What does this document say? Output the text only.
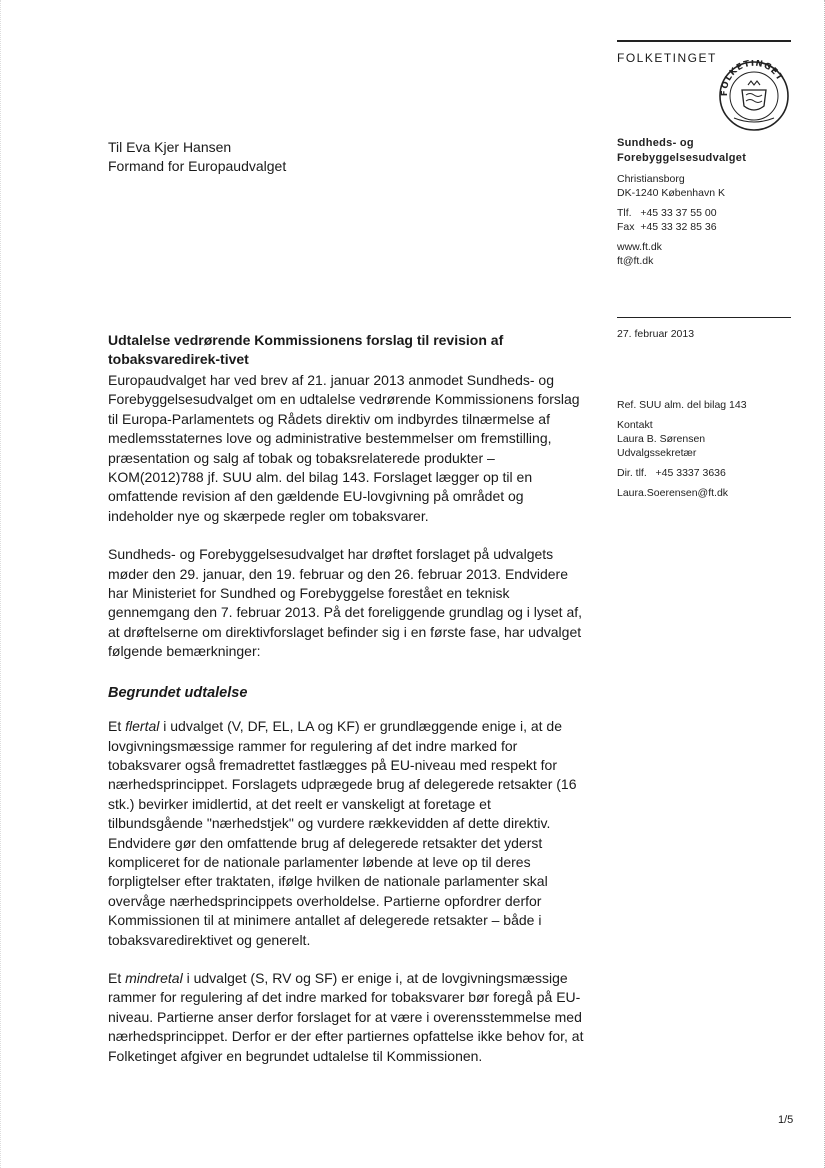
FOLKETINGET
FOLKETINGET
Til Eva Kjer Hansen
Formand for Europaudvalget
Sundheds- og
Forebyggelsesudvalget
Christiansborg
DK-1240 København K
Tlf.   +45 33 37 55 00
Fax  +45 33 32 85 36
www.ft.dk
ft@ft.dk
27. februar 2013
Ref. SUU alm. del bilag 143
Kontakt
Laura B. Sørensen
Udvalgssekretær
Dir. tlf.   +45 3337 3636
Laura.Soerensen@ft.dk

Udtalelse vedrørende Kommissionens forslag til revision af tobaksvaredirek-tivet

Europaudvalget har ved brev af 21. januar 2013 anmodet Sundheds- og Forebyggelsesudvalget om en udtalelse vedrørende Kommissionens forslag til Europa-Parlamentets og Rådets direktiv om indbyrdes tilnærmelse af medlemsstaternes love og administrative bestemmelser om fremstilling, præsentation og salg af tobak og tobaksrelaterede produkter – KOM(2012)788 jf. SUU alm. del bilag 143. Forslaget lægger op til en omfattende revision af den gældende EU-lovgivning på området og indeholder nye og skærpede regler om tobaksvarer.

Sundheds- og Forebyggelsesudvalget har drøftet forslaget på udvalgets møder den 29. januar, den 19. februar og den 26. februar 2013. Endvidere har Ministeriet for Sundhed og Forebyggelse forestået en teknisk gennemgang den 7. februar 2013. På det foreliggende grundlag og i lyset af, at drøftelserne om direktivforslaget befinder sig i en første fase, har udvalget følgende bemærkninger:

Begrundet udtalelse

Et flertal i udvalget (V, DF, EL, LA og KF) er grundlæggende enige i, at de lovgivningsmæssige rammer for regulering af det indre marked for tobaksvarer også fremadrettet fastlægges på EU-niveau med respekt for nærhedsprincippet. Forslagets udprægede brug af delegerede retsakter (16 stk.) bevirker imidlertid, at det reelt er vanskeligt at foretage et tilbundsgående "nærhedstjek" og vurdere rækkevidden af dette direktiv. Endvidere gør den omfattende brug af delegerede retsakter det yderst kompliceret for de nationale parlamenter løbende at leve op til deres forpligtelser efter traktaten, ifølge hvilken de nationale parlamenter skal overvåge nærhedsprincippets overholdelse. Partierne opfordrer derfor Kommissionen til at minimere antallet af delegerede retsakter – både i tobaksvaredirektivet og generelt.

Et mindretal i udvalget (S, RV og SF) er enige i, at de lovgivningsmæssige rammer for regulering af det indre marked for tobaksvarer bør foregå på EU-niveau. Partierne anser derfor forslaget for at være i overensstemmelse med nærhedsprincippet. Derfor er der efter partiernes opfattelse ikke behov for, at Folketinget afgiver en begrundet udtalelse til Kommissionen.

1/5
